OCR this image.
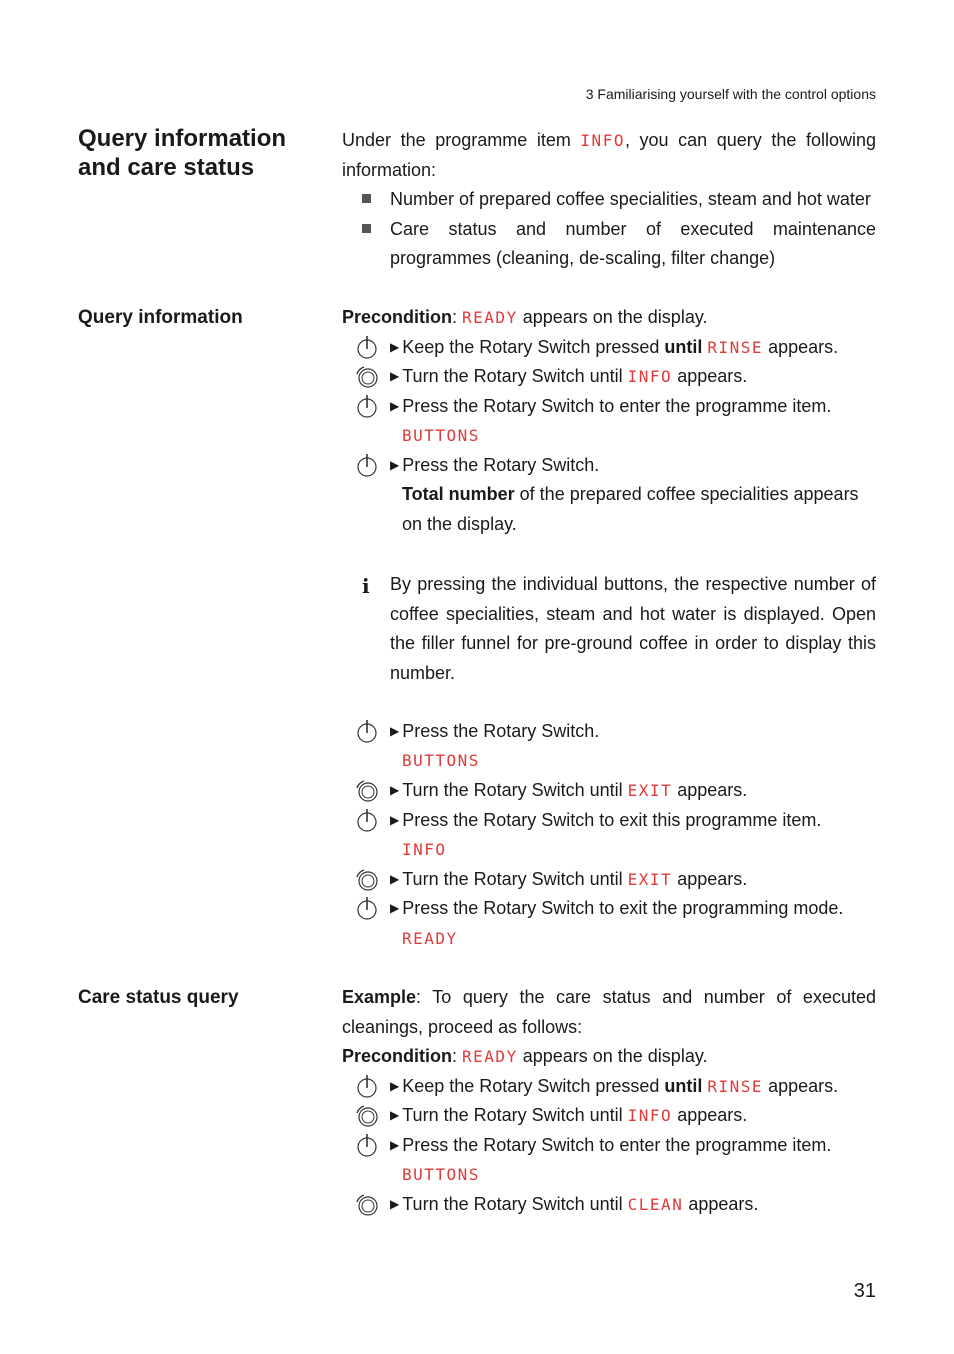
3 Familiarising yourself with the control options
Query information and care status
Under the programme item INFO, you can query the following information:
Number of prepared coffee specialities, steam and hot water
Care status and number of executed maintenance programmes (cleaning, de-scaling, filter change)
Query information	Precondition: READY appears on the display.
▶ Keep the Rotary Switch pressed until RINSE appears.
▶ Turn the Rotary Switch until INFO appears.
▶ Press the Rotary Switch to enter the programme item.
BUTTONS
▶ Press the Rotary Switch.
Total number of the prepared coffee specialities appears on the display.
i By pressing the individual buttons, the respective number of coffee specialities, steam and hot water is displayed. Open the filler funnel for pre-ground coffee in order to display this number.
▶ Press the Rotary Switch.
BUTTONS
▶ Turn the Rotary Switch until EXIT appears.
▶ Press the Rotary Switch to exit this programme item.
INFO
▶ Turn the Rotary Switch until EXIT appears.
▶ Press the Rotary Switch to exit the programming mode.
READY
Care status query	Example: To query the care status and number of executed cleanings, proceed as follows:
Precondition: READY appears on the display.
▶ Keep the Rotary Switch pressed until RINSE appears.
▶ Turn the Rotary Switch until INFO appears.
▶ Press the Rotary Switch to enter the programme item.
BUTTONS
▶ Turn the Rotary Switch until CLEAN appears.
31
